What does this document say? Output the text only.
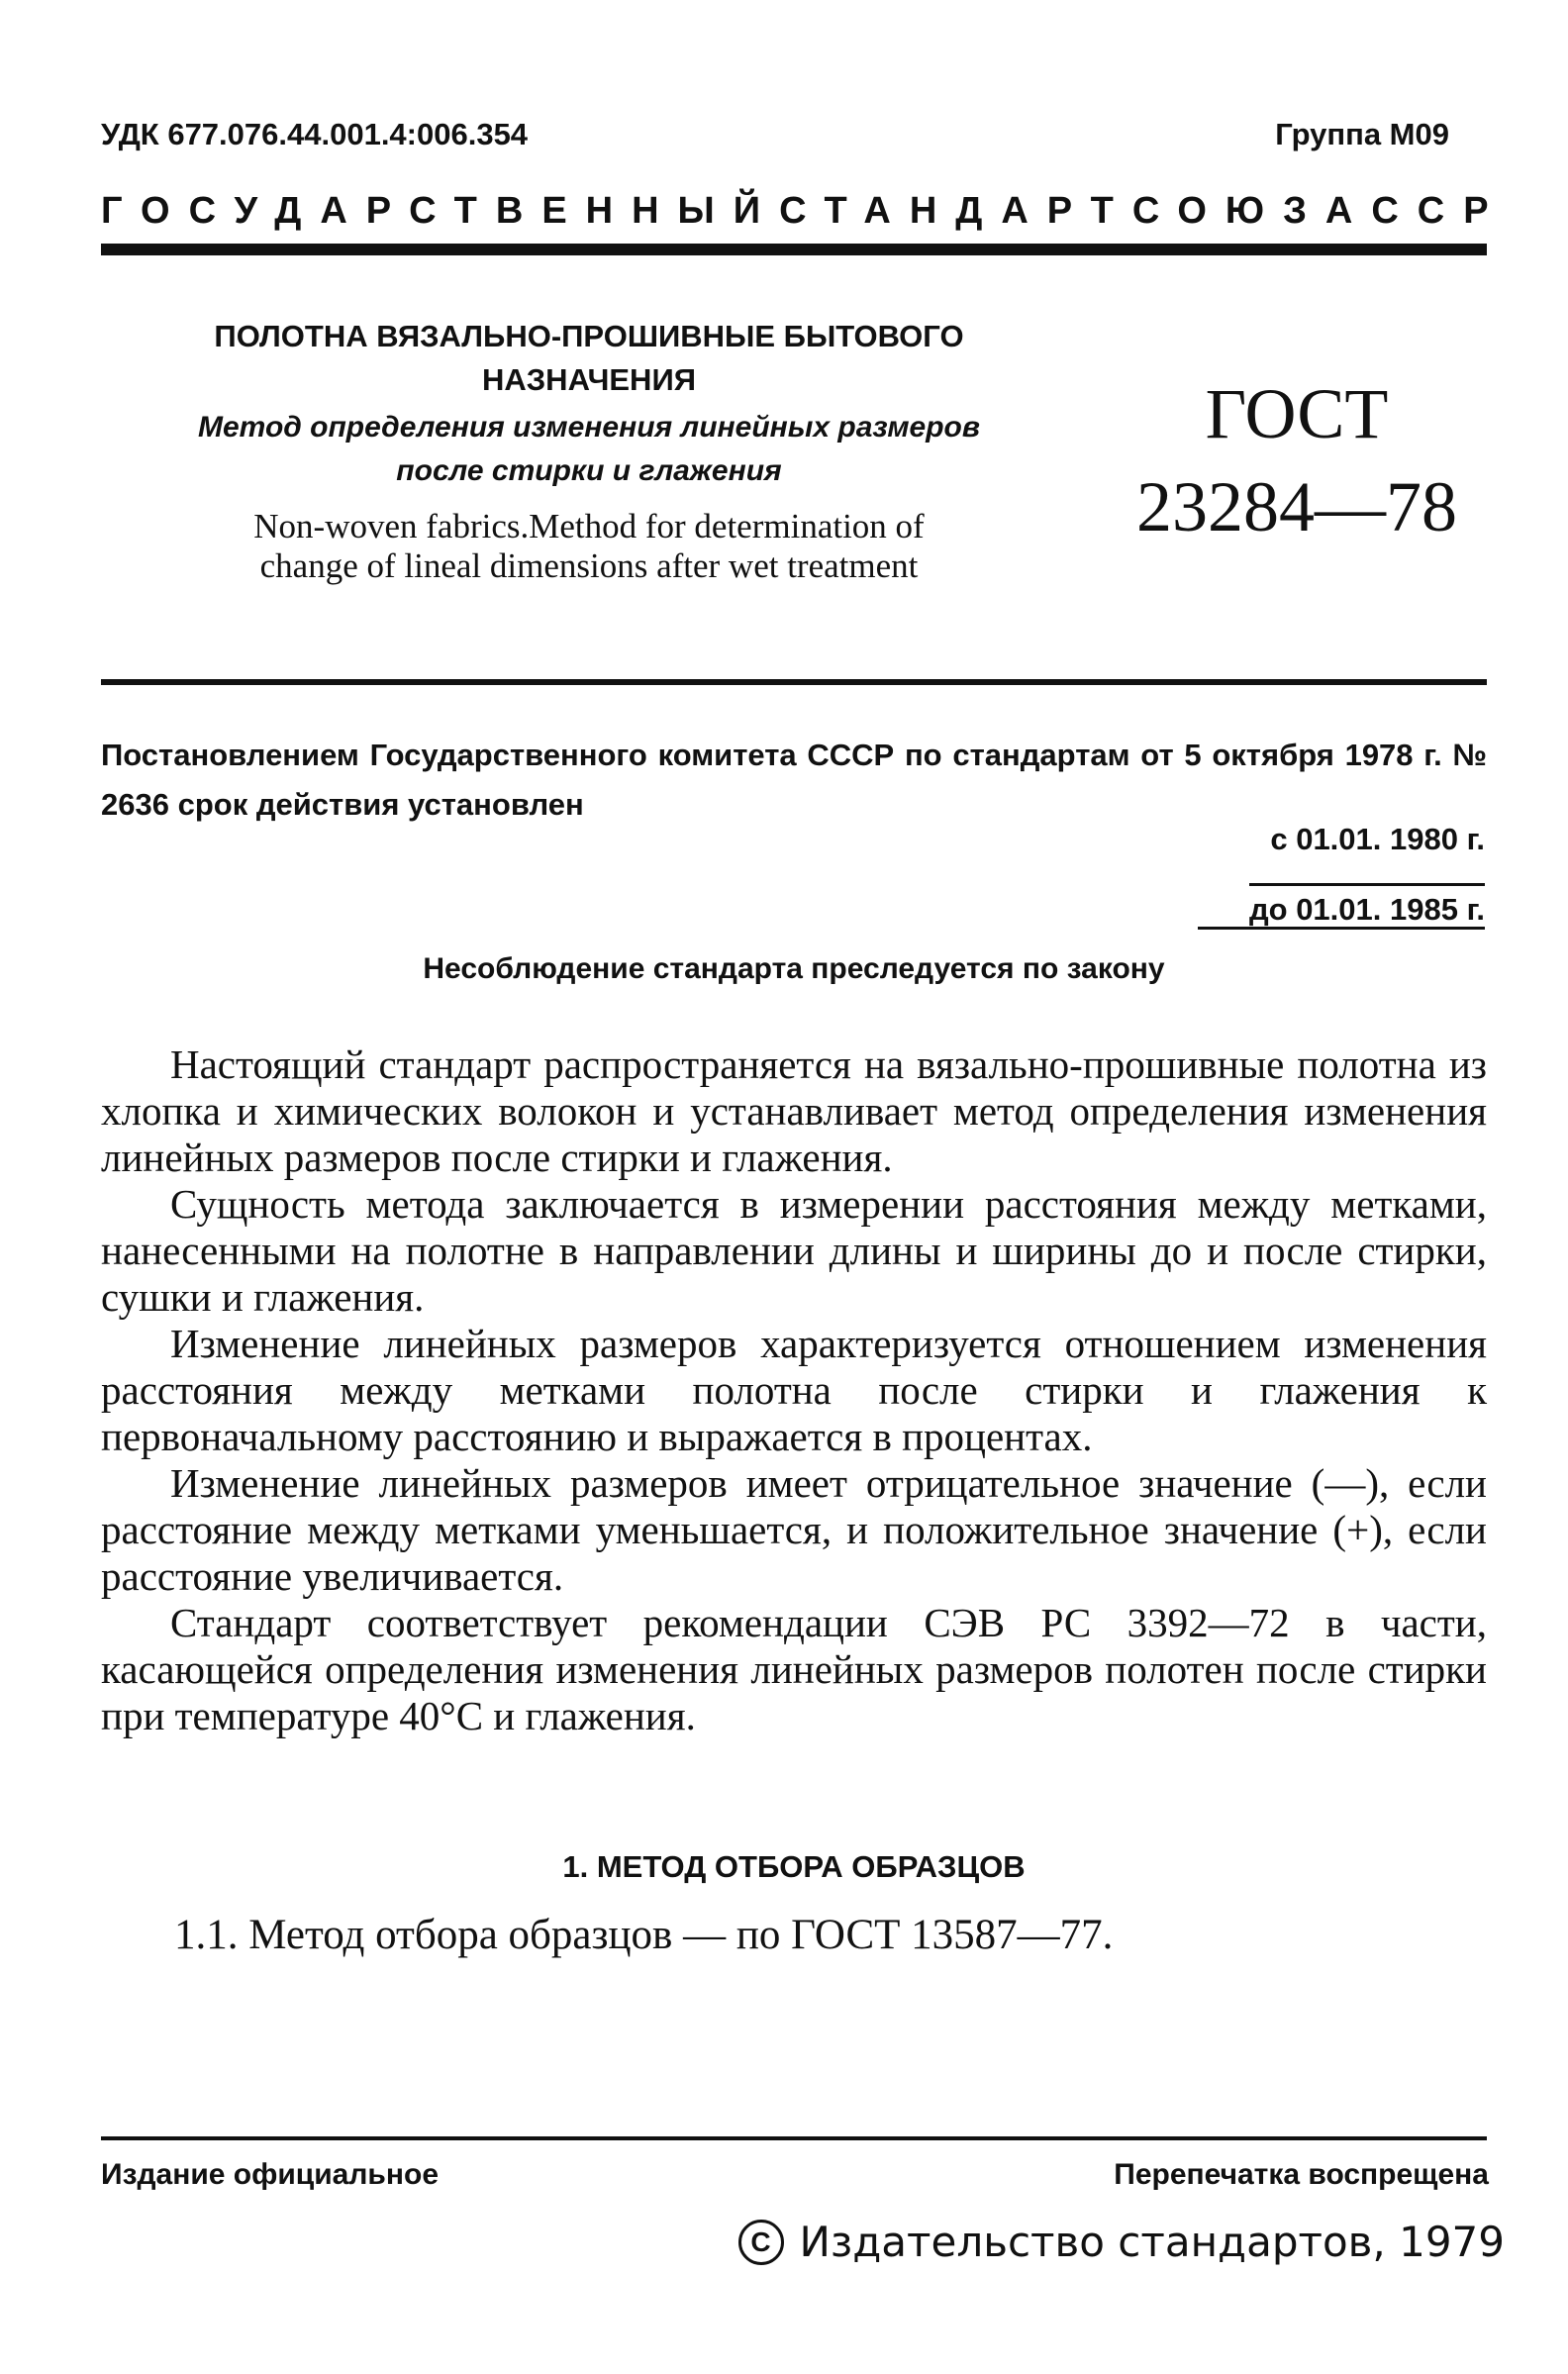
УДК 677.076.44.001.4:006.354	Группа М09
ГОСУДАРСТВЕННЫЙ СТАНДАРТ СОЮЗА ССР
ПОЛОТНА ВЯЗАЛЬНО-ПРОШИВНЫЕ БЫТОВОГО
НАЗНАЧЕНИЯ
Метод определения изменения линейных размеров
после стирки и глажения
Non-woven fabrics.Method for determination of
change of lineal dimensions after wet treatment
ГОСТ
23284—78
Постановлением Государственного комитета СССР по стандартам от 5 октября 1978 г. № 2636 срок действия установлен
с 01.01. 1980 г.
до 01.01. 1985 г.
Несоблюдение стандарта преследуется по закону

Настоящий стандарт распространяется на вязально-прошивные полотна из хлопка и химических волокон и устанавливает метод определения изменения линейных размеров после стирки и глажения.

Сущность метода заключается в измерении расстояния между метками, нанесенными на полотне в направлении длины и ширины до и после стирки, сушки и глажения.

Изменение линейных размеров характеризуется отношением изменения расстояния между метками полотна после стирки и глажения к первоначальному расстоянию и выражается в процентах.

Изменение линейных размеров имеет отрицательное значение (—), если расстояние между метками уменьшается, и положительное значение (+), если расстояние увеличивается.

Стандарт соответствует рекомендации СЭВ РС 3392—72 в части, касающейся определения изменения линейных размеров полотен после стирки при температуре 40°С и глажения.

1. МЕТОД ОТБОРА ОБРАЗЦОВ
1.1. Метод отбора образцов — по ГОСТ 13587—77.
Издание официальное	Перепечатка воспрещена
C Издательство стандартов, 1979
